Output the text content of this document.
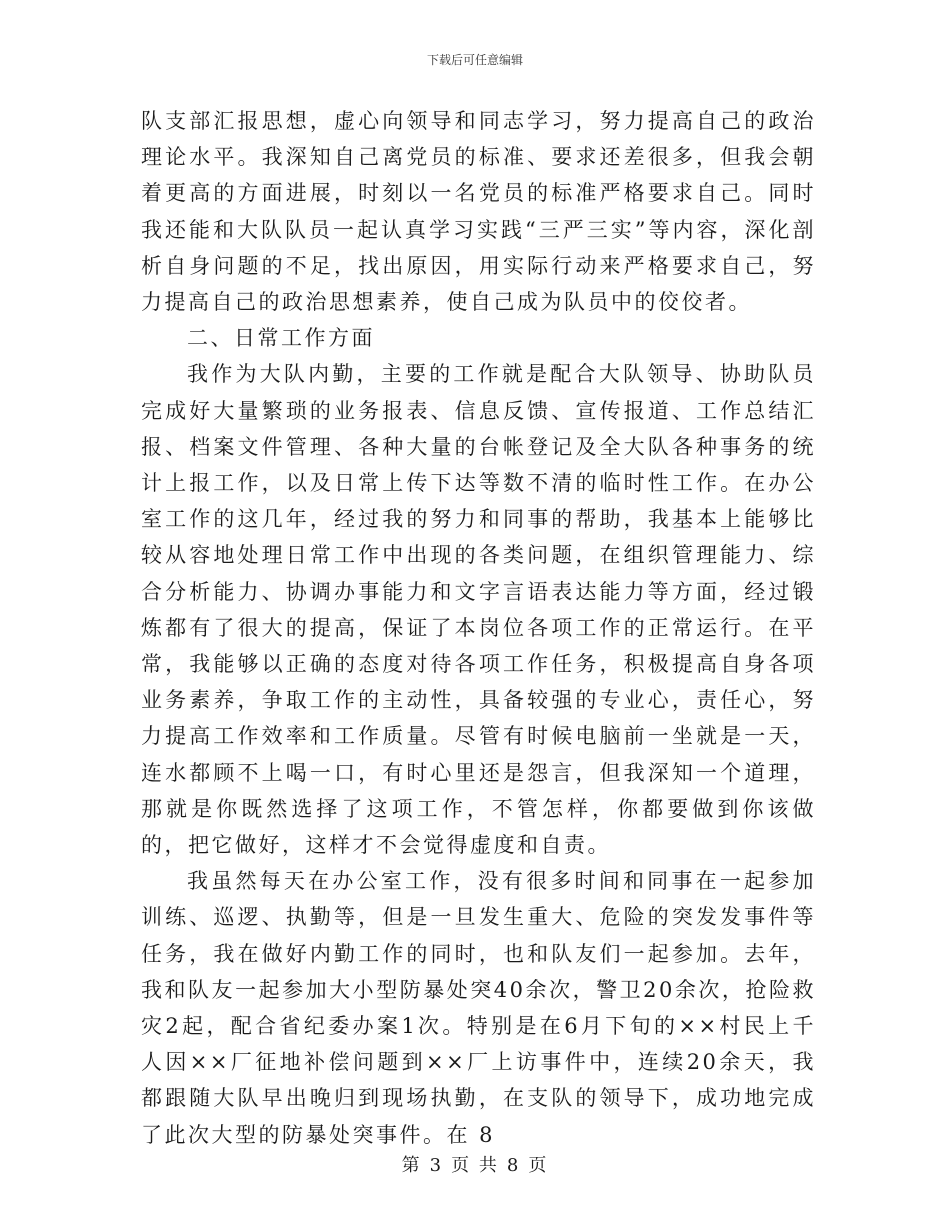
下载后可任意编辑

队支部汇报思想，虚心向领导和同志学习，努力提高自己的政治理论水平。我深知自己离党员的标准、要求还差很多，但我会朝着更高的方面进展，时刻以一名党员的标准严格要求自己。同时我还能和大队队员一起认真学习实践“三严三实”等内容，深化剖析自身问题的不足，找出原因，用实际行动来严格要求自己，努力提高自己的政治思想素养，使自己成为队员中的佼佼者。

二、日常工作方面

我作为大队内勤，主要的工作就是配合大队领导、协助队员完成好大量繁琐的业务报表、信息反馈、宣传报道、工作总结汇报、档案文件管理、各种大量的台帐登记及全大队各种事务的统计上报工作，以及日常上传下达等数不清的临时性工作。在办公室工作的这几年，经过我的努力和同事的帮助，我基本上能够比较从容地处理日常工作中出现的各类问题，在组织管理能力、综合分析能力、协调办事能力和文字言语表达能力等方面，经过锻炼都有了很大的提高，保证了本岗位各项工作的正常运行。在平常，我能够以正确的态度对待各项工作任务，积极提高自身各项业务素养，争取工作的主动性，具备较强的专业心，责任心，努力提高工作效率和工作质量。尽管有时候电脑前一坐就是一天，连水都顾不上喝一口，有时心里还是怨言，但我深知一个道理，那就是你既然选择了这项工作，不管怎样，你都要做到你该做的，把它做好，这样才不会觉得虚度和自责。

我虽然每天在办公室工作，没有很多时间和同事在一起参加训练、巡逻、执勤等，但是一旦发生重大、危险的突发发事件等任务，我在做好内勤工作的同时，也和队友们一起参加。去年，我和队友一起参加大小型防暴处突40余次，警卫20余次，抢险救灾2起，配合省纪委办案1次。特别是在6月下旬的××村民上千人因××厂征地补偿问题到××厂上访事件中，连续20余天，我都跟随大队早出晚归到现场执勤，在支队的领导下，成功地完成了此次大型的防暴处突事件。在 8

第 3 页 共 8 页
